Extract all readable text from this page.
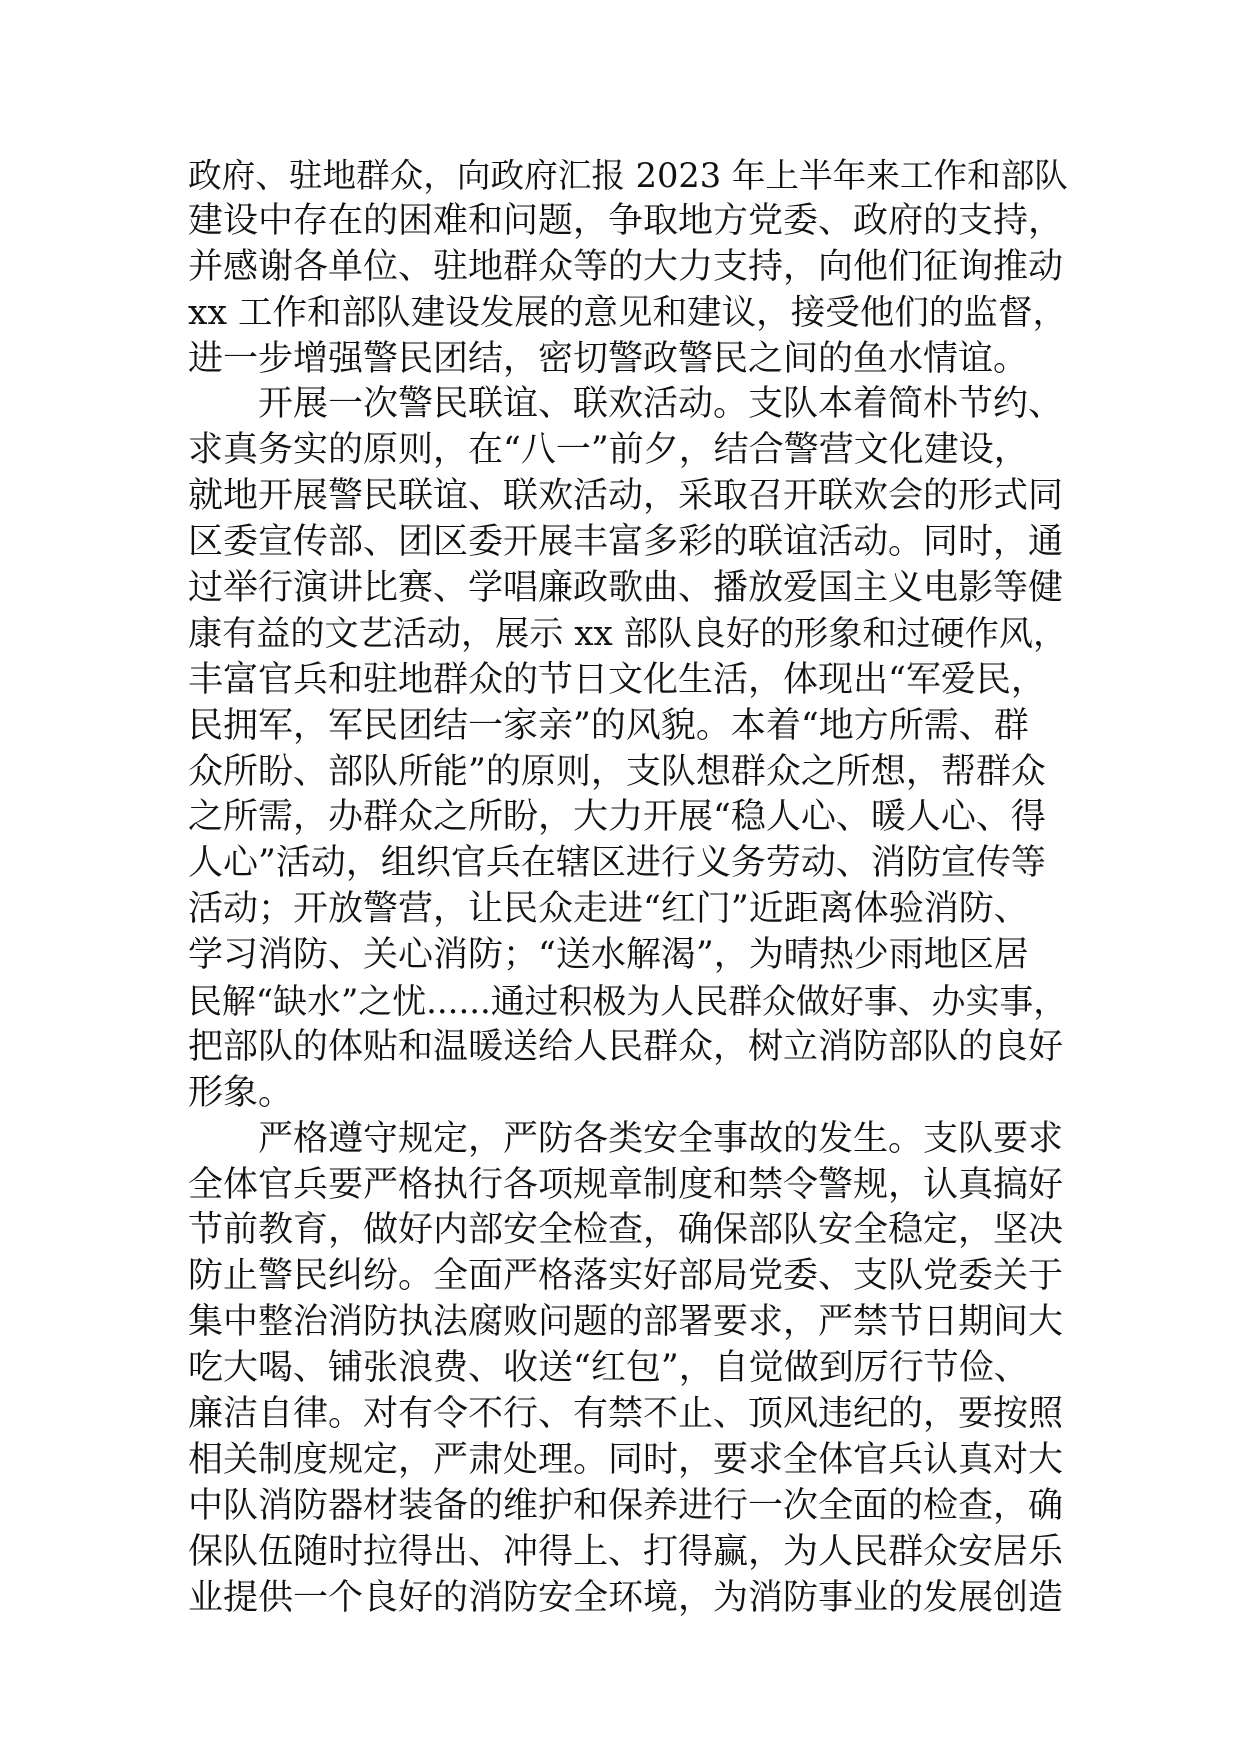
政府、驻地群众，向政府汇报 2023 年上半年来工作和部队
建设中存在的困难和问题，争取地方党委、政府的支持，
并感谢各单位、驻地群众等的大力支持，向他们征询推动
xx 工作和部队建设发展的意见和建议，接受他们的监督，
进一步增强警民团结，密切警政警民之间的鱼水情谊。
开展一次警民联谊、联欢活动。支队本着简朴节约、
求真务实的原则，在“八一”前夕，结合警营文化建设，
就地开展警民联谊、联欢活动，采取召开联欢会的形式同
区委宣传部、团区委开展丰富多彩的联谊活动。同时，通
过举行演讲比赛、学唱廉政歌曲、播放爱国主义电影等健
康有益的文艺活动，展示 xx 部队良好的形象和过硬作风，
丰富官兵和驻地群众的节日文化生活，体现出“军爱民，
民拥军，军民团结一家亲”的风貌。本着“地方所需、群
众所盼、部队所能”的原则，支队想群众之所想，帮群众
之所需，办群众之所盼，大力开展“稳人心、暖人心、得
人心”活动，组织官兵在辖区进行义务劳动、消防宣传等
活动；开放警营，让民众走进“红门”近距离体验消防、
学习消防、关心消防；“送水解渴”，为晴热少雨地区居
民解“缺水”之忧......通过积极为人民群众做好事、办实事，
把部队的体贴和温暖送给人民群众，树立消防部队的良好
形象。
严格遵守规定，严防各类安全事故的发生。支队要求
全体官兵要严格执行各项规章制度和禁令警规，认真搞好
节前教育，做好内部安全检查，确保部队安全稳定，坚决
防止警民纠纷。全面严格落实好部局党委、支队党委关于
集中整治消防执法腐败问题的部署要求，严禁节日期间大
吃大喝、铺张浪费、收送“红包”，自觉做到厉行节俭、
廉洁自律。对有令不行、有禁不止、顶风违纪的，要按照
相关制度规定，严肃处理。同时，要求全体官兵认真对大
中队消防器材装备的维护和保养进行一次全面的检查，确
保队伍随时拉得出、冲得上、打得赢，为人民群众安居乐
业提供一个良好的消防安全环境，为消防事业的发展创造
